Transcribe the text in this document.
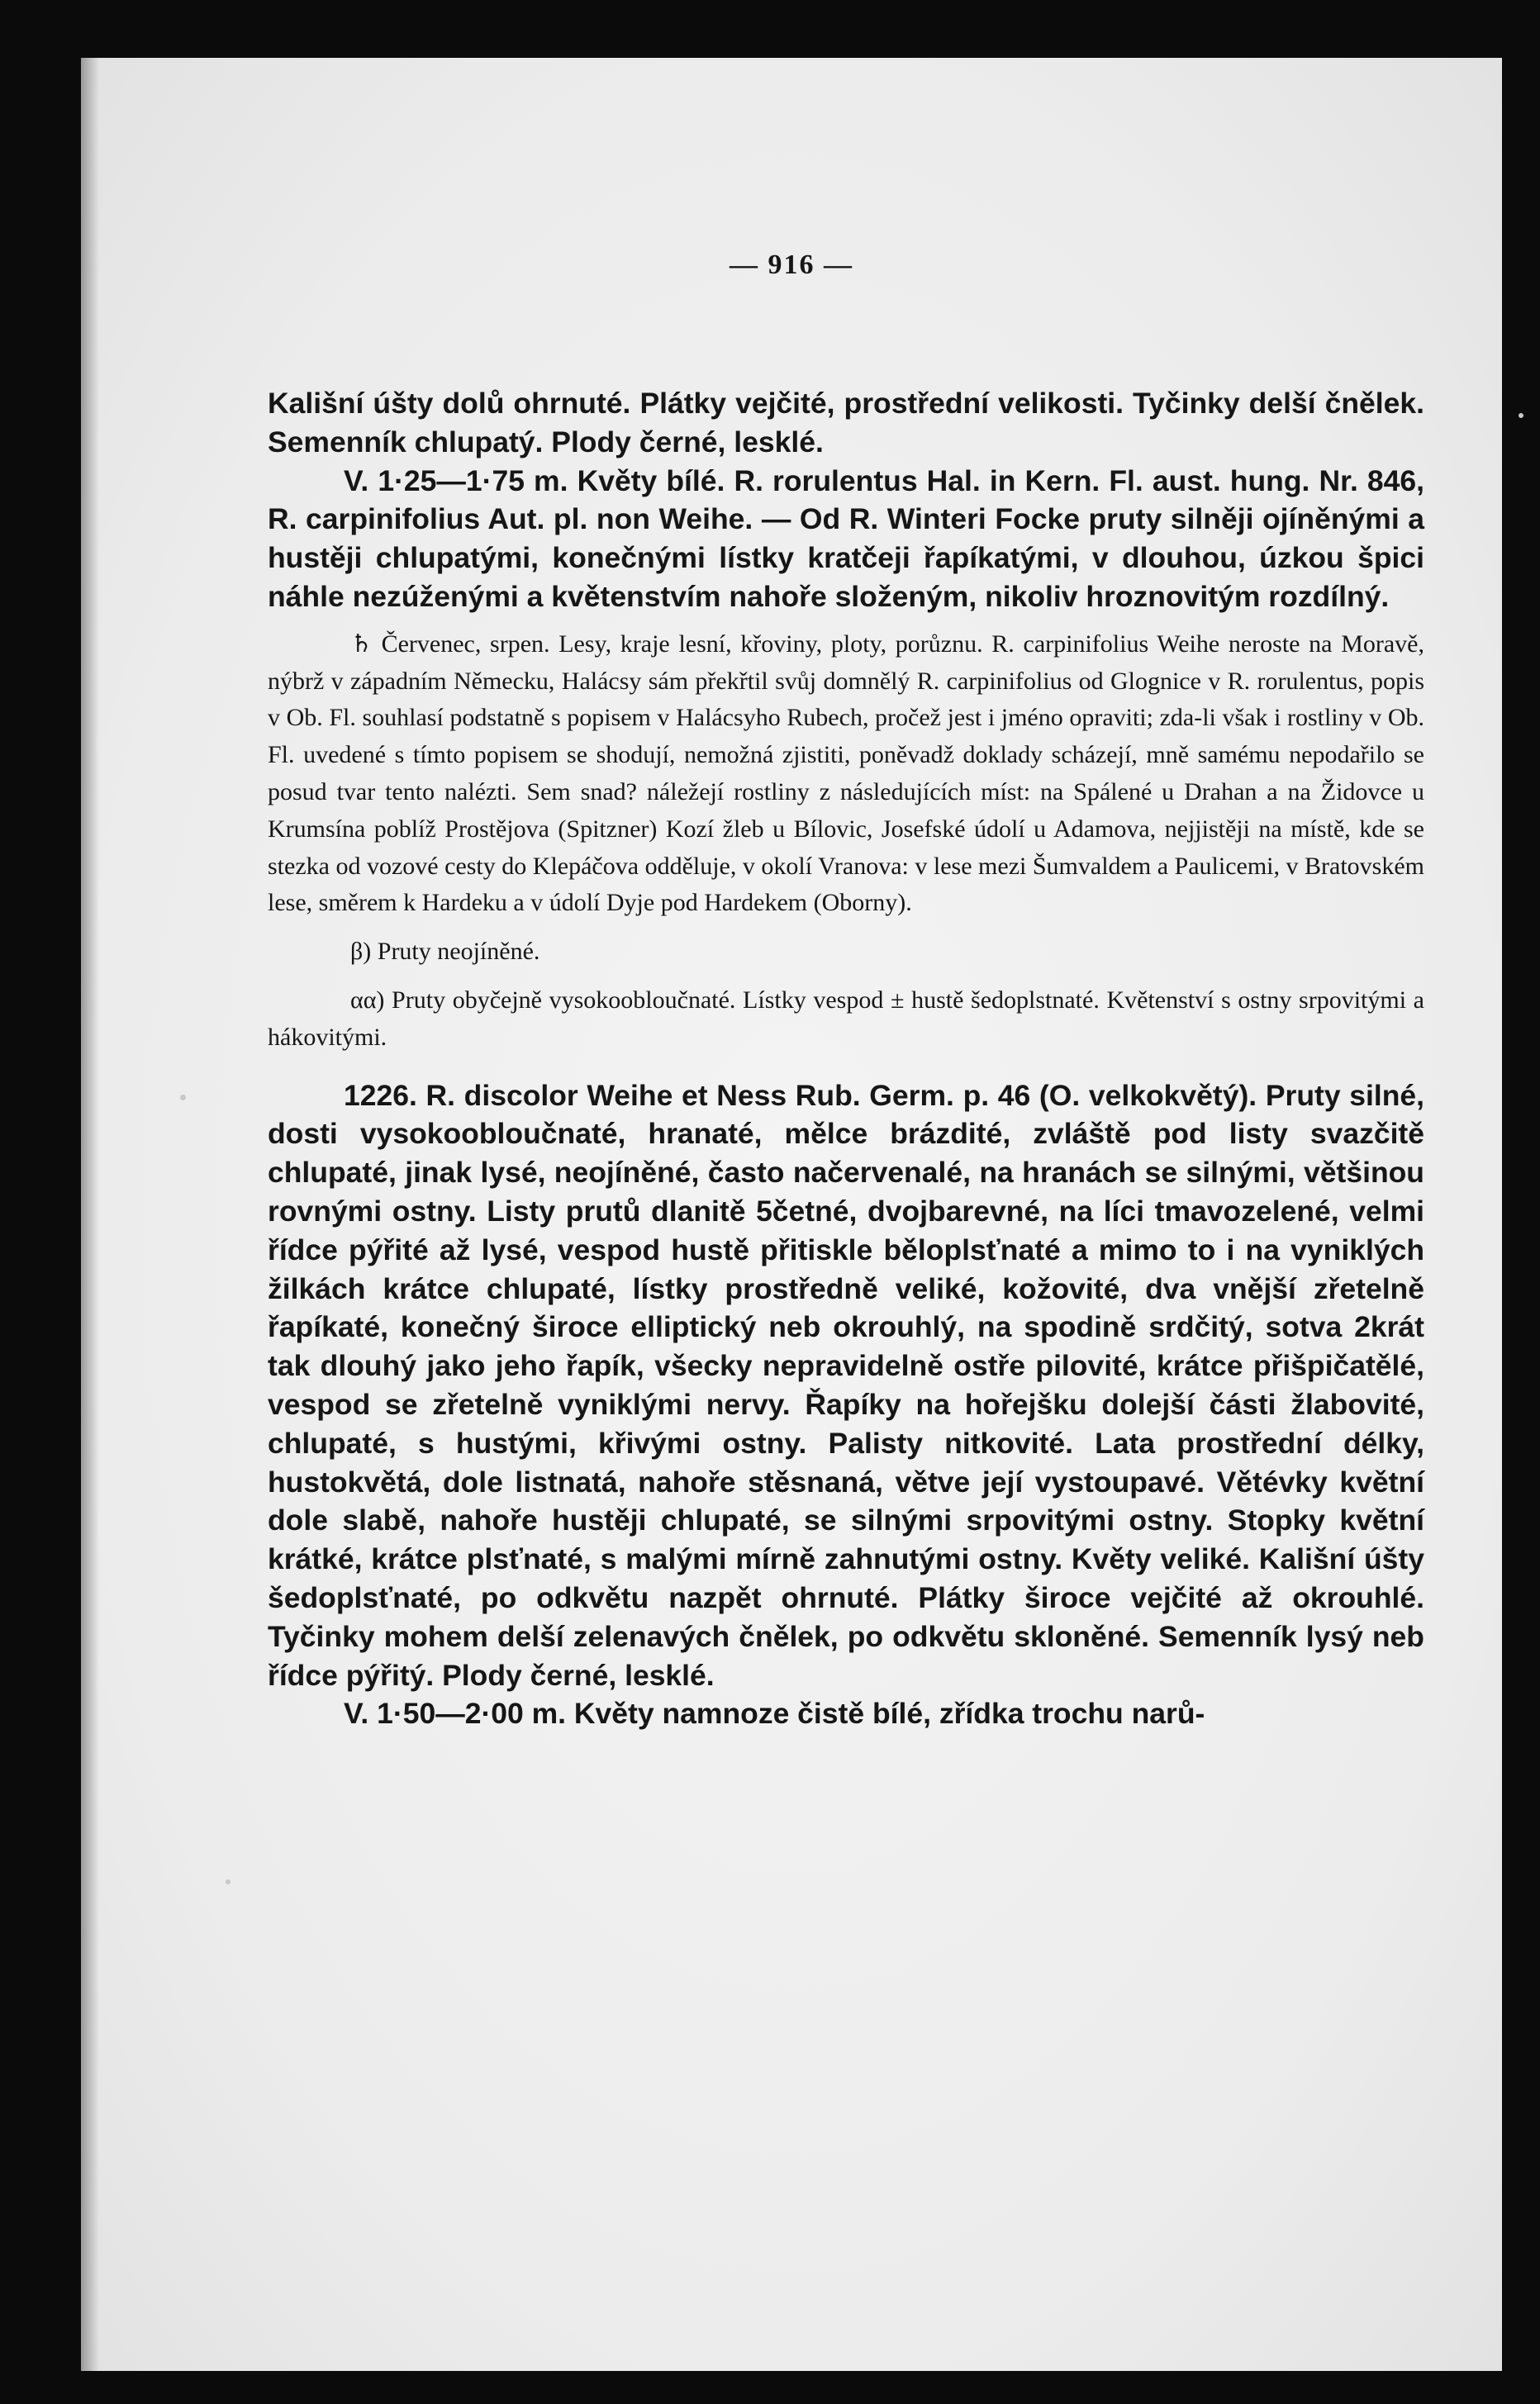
— 916 —

Kališní úšty dolů ohrnuté. Plátky vejčité, prostřední velikosti. Tyčinky delší čnělek. Semenník chlupatý. Plody černé, lesklé.

V. 1·25—1·75 m. Květy bílé. R. rorulentus Hal. in Kern. Fl. aust. hung. Nr. 846, R. carpinifolius Aut. pl. non Weihe. — Od R. Winteri Focke pruty silněji ojíněnými a hustěji chlupatými, konečnými lístky kratčeji řapíkatými, v dlouhou, úzkou špici náhle nezúženými a květenstvím nahoře složeným, nikoliv hroznovitým rozdílný.

♄ Červenec, srpen. Lesy, kraje lesní, křoviny, ploty, porůznu. R. carpinifolius Weihe neroste na Moravě, nýbrž v západním Německu, Halácsy sám překřtil svůj domnělý R. carpinifolius od Glognice v R. rorulentus, popis v Ob. Fl. souhlasí podstatně s popisem v Halácsyho Rubech, pročež jest i jméno opraviti; zda-li však i rostliny v Ob. Fl. uvedené s tímto popisem se shodují, nemožná zjistiti, poněvadž doklady scházejí, mně samému nepodařilo se posud tvar tento nalézti. Sem snad? náležejí rostliny z následujících míst: na Spálené u Drahan a na Židovce u Krumsína poblíž Prostějova (Spitzner) Kozí žleb u Bílovic, Josefské údolí u Adamova, nejjistěji na místě, kde se stezka od vozové cesty do Klepáčova odděluje, v okolí Vranova: v lese mezi Šumvaldem a Paulicemi, v Bratovském lese, směrem k Hardeku a v údolí Dyje pod Hardekem (Oborny).

β) Pruty neojíněné.

αα) Pruty obyčejně vysokoobloučnaté. Lístky vespod ± hustě šedoplstnaté. Květenství s ostny srpovitými a hákovitými.

1226. R. discolor Weihe et Ness Rub. Germ. p. 46 (O. velkokvětý). Pruty silné, dosti vysokoobloučnaté, hranaté, mělce brázdité, zvláště pod listy svazčitě chlupaté, jinak lysé, neojíněné, často načervenalé, na hranách se silnými, většinou rovnými ostny. Listy prutů dlanitě 5četné, dvojbarevné, na líci tmavozelené, velmi řídce pýřité až lysé, vespod hustě přitiskle běloplsťnaté a mimo to i na vyniklých žilkách krátce chlupaté, lístky prostředně veliké, kožovité, dva vnější zřetelně řapíkaté, konečný široce elliptický neb okrouhlý, na spodině srdčitý, sotva 2krát tak dlouhý jako jeho řapík, všecky nepravidelně ostře pilovité, krátce přišpičatělé, vespod se zřetelně vyniklými nervy. Řapíky na hořejšku dolejší části žlabovité, chlupaté, s hustými, křivými ostny. Palisty nitkovité. Lata prostřední délky, hustokvětá, dole listnatá, nahoře stěsnaná, větve její vystoupavé. Větévky květní dole slabě, nahoře hustěji chlupaté, se silnými srpovitými ostny. Stopky květní krátké, krátce plsťnaté, s malými mírně zahnutými ostny. Květy veliké. Kališní úšty šedoplsťnaté, po odkvětu nazpět ohrnuté. Plátky široce vejčité až okrouhlé. Tyčinky mohem delší zelenavých čnělek, po odkvětu skloněné. Semenník lysý neb řídce pýřitý. Plody černé, lesklé.

V. 1·50—2·00 m. Květy namnoze čistě bílé, zřídka trochu narů-
